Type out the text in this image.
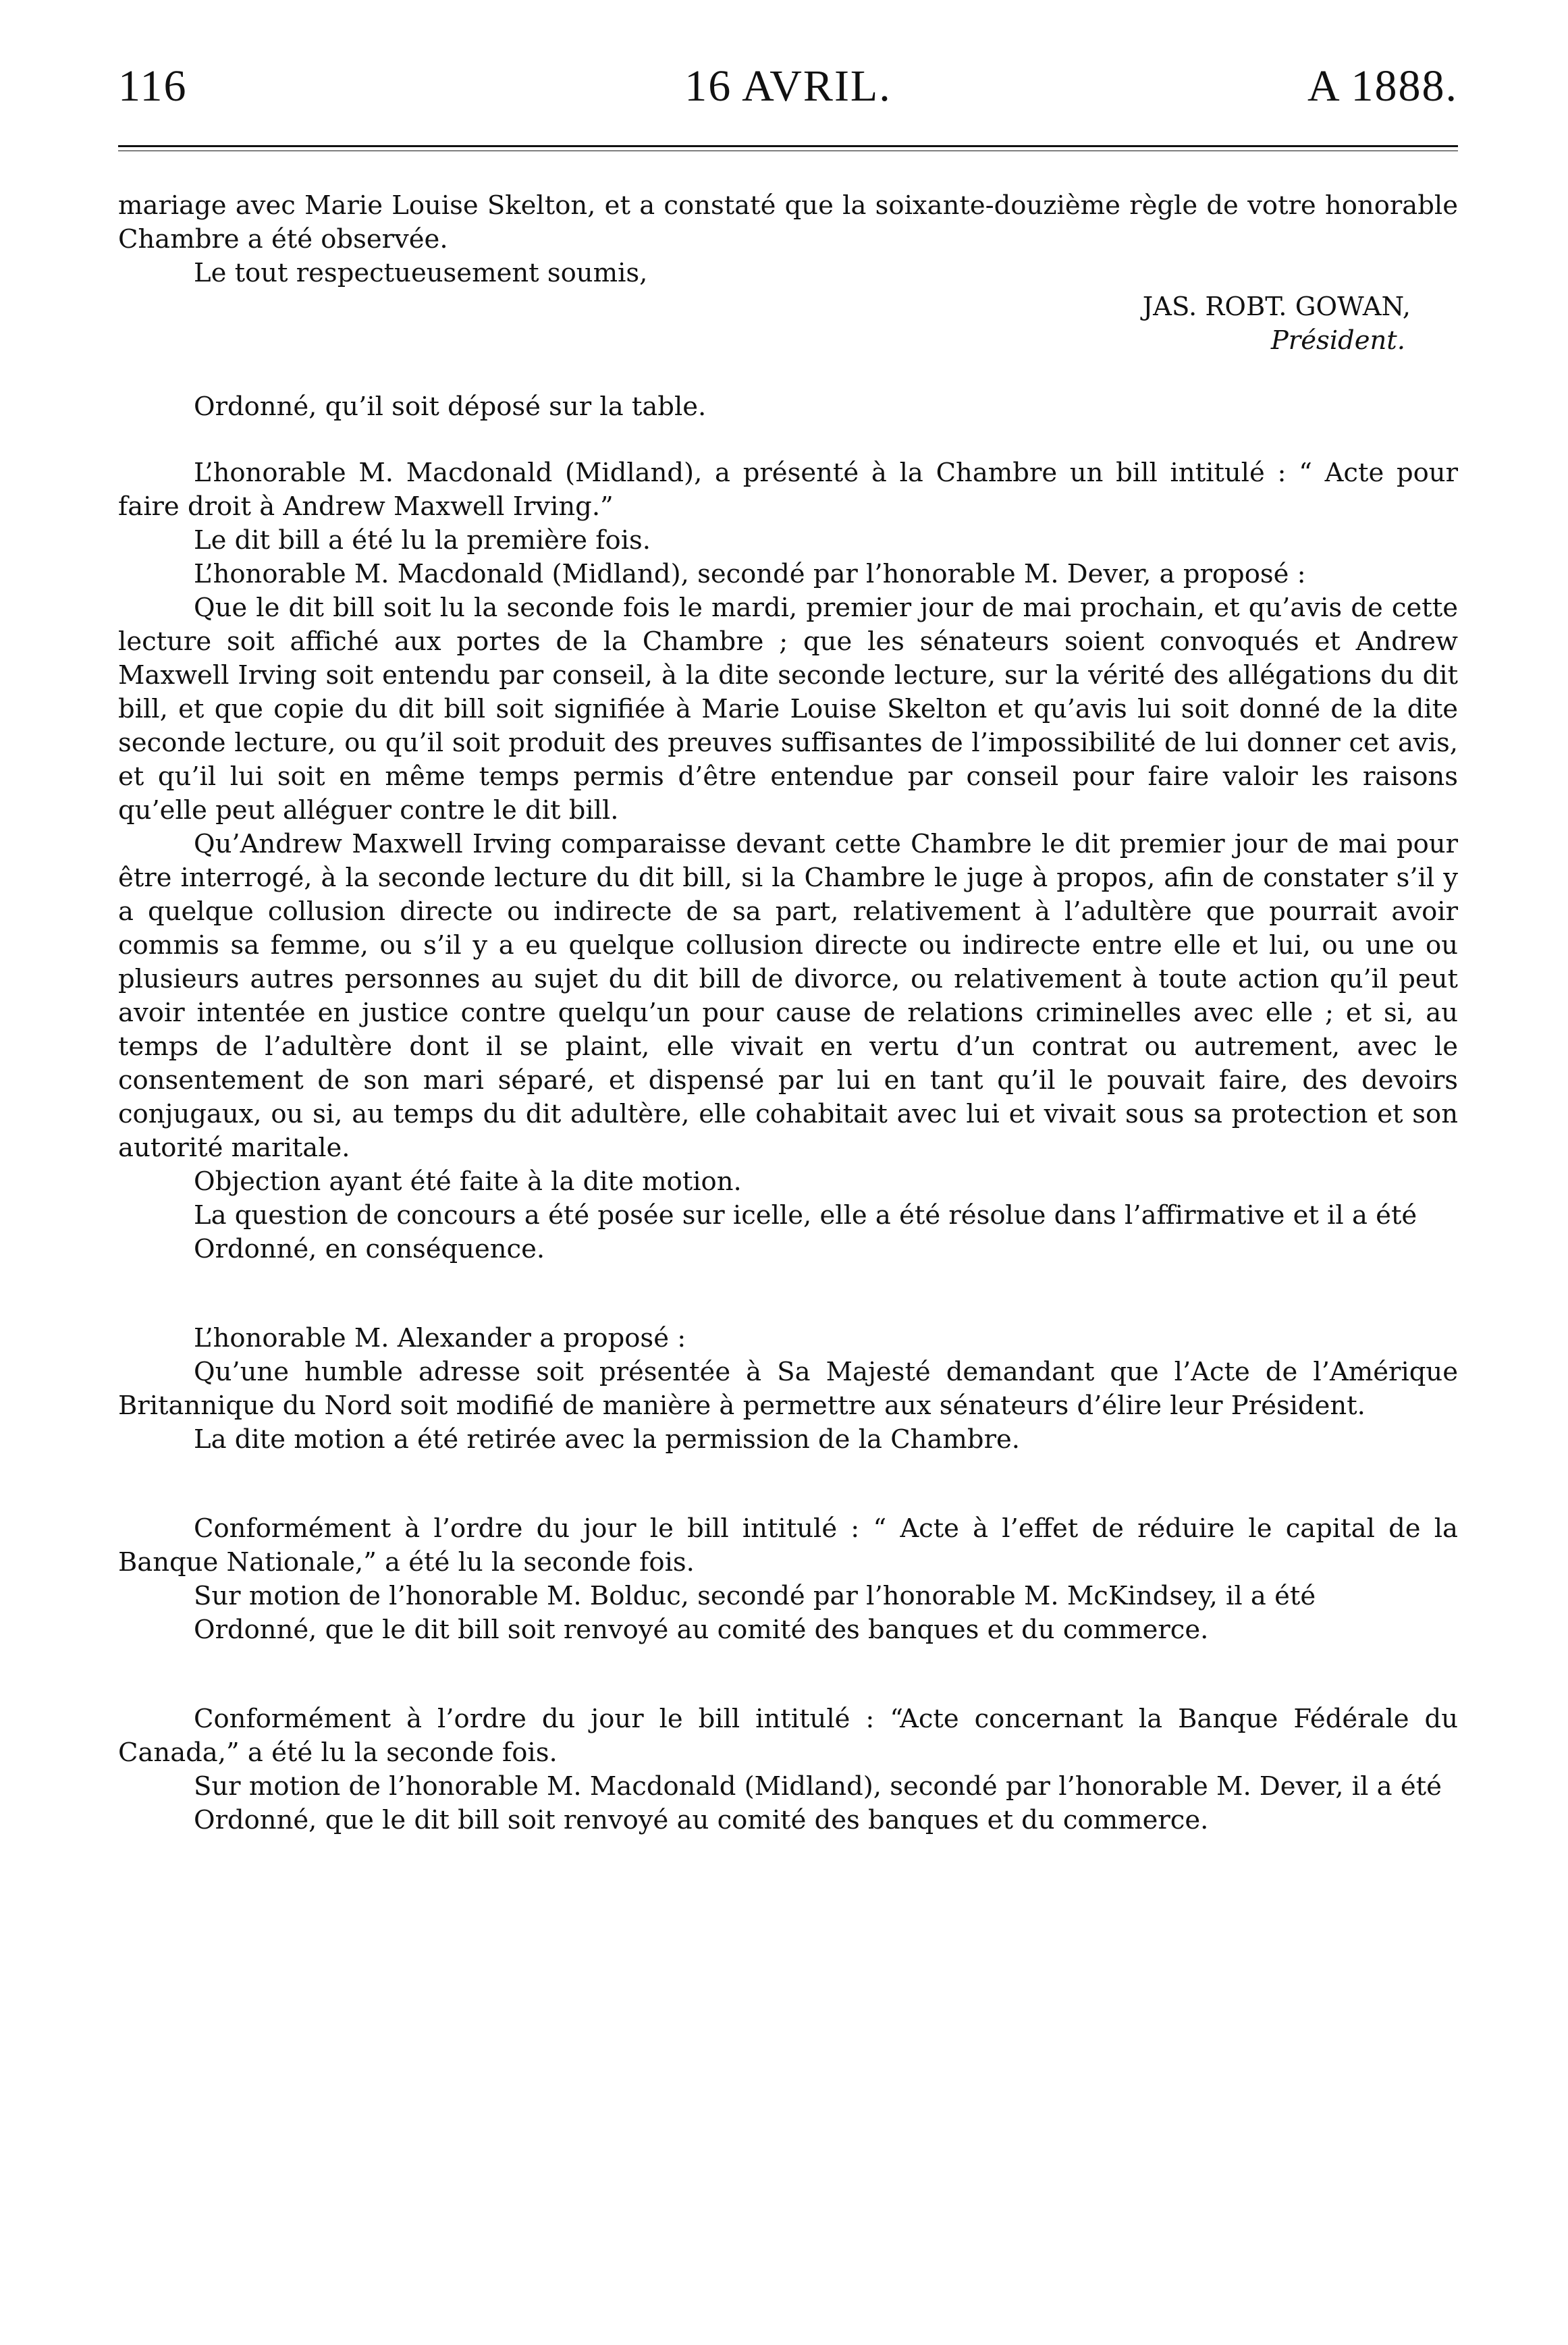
116	16 AVRIL.	A 1888.

mariage avec Marie Louise Skelton, et a constaté que la soixante-douzième règle de votre honorable Chambre a été observée.

Le tout respectueusement soumis,

JAS. ROBT. GOWAN,
Président.

Ordonné, qu’il soit déposé sur la table.

L’honorable M. Macdonald (Midland), a présenté à la Chambre un bill intitulé : “ Acte pour faire droit à Andrew Maxwell Irving.”

Le dit bill a été lu la première fois.

L’honorable M. Macdonald (Midland), secondé par l’honorable M. Dever, a proposé :

Que le dit bill soit lu la seconde fois le mardi, premier jour de mai prochain, et qu’avis de cette lecture soit affiché aux portes de la Chambre ; que les sénateurs soient convoqués et Andrew Maxwell Irving soit entendu par conseil, à la dite seconde lecture, sur la vérité des allégations du dit bill, et que copie du dit bill soit signifiée à Marie Louise Skelton et qu’avis lui soit donné de la dite seconde lecture, ou qu’il soit produit des preuves suffisantes de l’impossibilité de lui donner cet avis, et qu’il lui soit en même temps permis d’être entendue par conseil pour faire valoir les raisons qu’elle peut alléguer contre le dit bill.

Qu’Andrew Maxwell Irving comparaisse devant cette Chambre le dit premier jour de mai pour être interrogé, à la seconde lecture du dit bill, si la Chambre le juge à propos, afin de constater s’il y a quelque collusion directe ou indirecte de sa part, relativement à l’adultère que pourrait avoir commis sa femme, ou s’il y a eu quelque collusion directe ou indirecte entre elle et lui, ou une ou plusieurs autres personnes au sujet du dit bill de divorce, ou relativement à toute action qu’il peut avoir intentée en justice contre quelqu’un pour cause de relations criminelles avec elle ; et si, au temps de l’adultère dont il se plaint, elle vivait en vertu d’un contrat ou autrement, avec le consentement de son mari séparé, et dispensé par lui en tant qu’il le pouvait faire, des devoirs conjugaux, ou si, au temps du dit adultère, elle cohabitait avec lui et vivait sous sa protection et son autorité maritale.

Objection ayant été faite à la dite motion.

La question de concours a été posée sur icelle, elle a été résolue dans l’affirmative et il a été

Ordonné, en conséquence.

L’honorable M. Alexander a proposé :

Qu’une humble adresse soit présentée à Sa Majesté demandant que l’Acte de l’Amérique Britannique du Nord soit modifié de manière à permettre aux sénateurs d’élire leur Président.

La dite motion a été retirée avec la permission de la Chambre.

Conformément à l’ordre du jour le bill intitulé : “ Acte à l’effet de réduire le capital de la Banque Nationale,” a été lu la seconde fois.

Sur motion de l’honorable M. Bolduc, secondé par l’honorable M. McKindsey, il a été

Ordonné, que le dit bill soit renvoyé au comité des banques et du commerce.

Conformément à l’ordre du jour le bill intitulé : “Acte concernant la Banque Fédérale du Canada,” a été lu la seconde fois.

Sur motion de l’honorable M. Macdonald (Midland), secondé par l’honorable M. Dever, il a été

Ordonné, que le dit bill soit renvoyé au comité des banques et du commerce.
